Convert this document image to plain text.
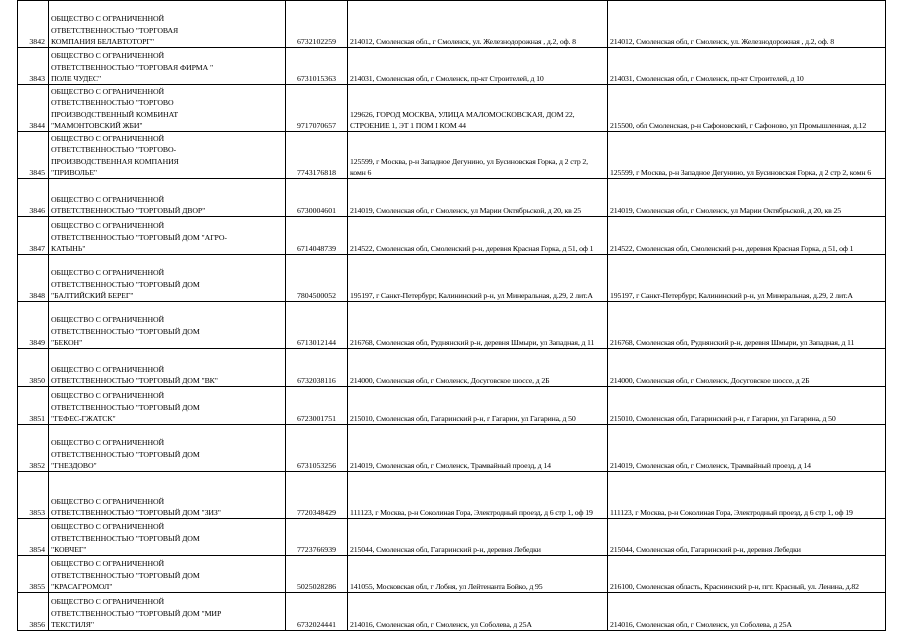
3842	ОБЩЕСТВО С ОГРАНИЧЕННОЙ
ОТВЕТСТВЕННОСТЬЮ "ТОРГОВАЯ
КОМПАНИЯ БЕЛАВТОТОРГ"	6732102259	214012, Смоленская обл., г Смоленск, ул. Железнодорожная , д.2, оф. 8	214012, Смоленская обл, г Смоленск, ул. Железнодорожная , д.2, оф. 8
3843	ОБЩЕСТВО С ОГРАНИЧЕННОЙ
ОТВЕТСТВЕННОСТЬЮ "ТОРГОВАЯ ФИРМА "
ПОЛЕ ЧУДЕС"	6731015363	214031, Смоленская обл, г Смоленск, пр-кт Строителей, д 10	214031, Смоленская обл, г Смоленск, пр-кт Строителей, д 10
3844	ОБЩЕСТВО С ОГРАНИЧЕННОЙ
ОТВЕТСТВЕННОСТЬЮ "ТОРГОВО
ПРОИЗВОДСТВЕННЫЙ КОМБИНАТ
"МАМОНТОВСКИЙ ЖБИ"	9717070657	129626, ГОРОД МОСКВА, УЛИЦА МАЛОМОСКОВСКАЯ, ДОМ 22, СТРОЕНИЕ 1, ЭТ 1 ПОМ I КОМ 44	215500, обл Смоленская, р-н Сафоновский, г Сафоново, ул Промышленная, д.12
3845	ОБЩЕСТВО С ОГРАНИЧЕННОЙ
ОТВЕТСТВЕННОСТЬЮ "ТОРГОВО-
ПРОИЗВОДСТВЕННАЯ КОМПАНИЯ
"ПРИВОЛЬЕ"	7743176818	125599, г Москва, р-н Западное Дегунино, ул Бусиновская Горка, д 2 стр 2, комн 6	125599, г Москва, р-н Западное Дегунино, ул Бусиновская Горка, д 2 стр 2, комн 6
3846	ОБЩЕСТВО С ОГРАНИЧЕННОЙ
ОТВЕТСТВЕННОСТЬЮ "ТОРГОВЫЙ ДВОР"	6730004601	214019, Смоленская обл, г Смоленск, ул Марии Октябрьской, д 20, кв 25	214019, Смоленская обл, г Смоленск, ул Марии Октябрьской, д 20, кв 25
3847	ОБЩЕСТВО С ОГРАНИЧЕННОЙ
ОТВЕТСТВЕННОСТЬЮ "ТОРГОВЫЙ ДОМ "АГРО-
КАТЫНЬ"	6714048739	214522, Смоленская обл, Смоленский р-н, деревня Красная Горка, д 51, оф 1	214522, Смоленская обл, Смоленский р-н, деревня Красная Горка, д 51, оф 1
3848	ОБЩЕСТВО С ОГРАНИЧЕННОЙ
ОТВЕТСТВЕННОСТЬЮ "ТОРГОВЫЙ ДОМ
"БАЛТИЙСКИЙ БЕРЕГ"	7804500052	195197, г Санкт-Петербург, Калининский р-н, ул Минеральная, д.29, 2 лит.А	195197, г Санкт-Петербург, Калининский р-н, ул Минеральная, д.29, 2 лит.А
3849	ОБЩЕСТВО С ОГРАНИЧЕННОЙ
ОТВЕТСТВЕННОСТЬЮ "ТОРГОВЫЙ ДОМ
"БЕКОН"	6713012144	216768, Смоленская обл, Руднянский р-н, деревня Шмыри, ул Западная, д 11	216768, Смоленская обл, Руднянский р-н, деревня Шмыри, ул Западная, д 11
3850	ОБЩЕСТВО С ОГРАНИЧЕННОЙ
ОТВЕТСТВЕННОСТЬЮ "ТОРГОВЫЙ ДОМ "ВК"	6732038116	214000, Смоленская обл, г Смоленск, Досуговское шоссе, д 2Б	214000, Смоленская обл, г Смоленск, Досуговское шоссе, д 2Б
3851	ОБЩЕСТВО С ОГРАНИЧЕННОЙ
ОТВЕТСТВЕННОСТЬЮ "ТОРГОВЫЙ ДОМ
"ГЕФЕС-ГЖАТСК"	6723001751	215010, Смоленская обл, Гагаринский р-н, г Гагарин, ул Гагарина, д 50	215010, Смоленская обл, Гагаринский р-н, г Гагарин, ул Гагарина, д 50
3852	ОБЩЕСТВО С ОГРАНИЧЕННОЙ
ОТВЕТСТВЕННОСТЬЮ "ТОРГОВЫЙ ДОМ
"ГНЕЗДОВО"	6731053256	214019, Смоленская обл, г Смоленск, Трамвайный проезд, д 14	214019, Смоленская обл, г Смоленск, Трамвайный проезд, д 14
3853	ОБЩЕСТВО С ОГРАНИЧЕННОЙ
ОТВЕТСТВЕННОСТЬЮ "ТОРГОВЫЙ ДОМ "ЗИЗ"	7720348429	111123, г Москва, р-н Соколиная Гора, Электродный проезд, д 6 стр 1, оф 19	111123, г Москва, р-н Соколиная Гора, Электродный проезд, д 6 стр 1, оф 19
3854	ОБЩЕСТВО С ОГРАНИЧЕННОЙ
ОТВЕТСТВЕННОСТЬЮ "ТОРГОВЫЙ ДОМ
"КОВЧЕГ"	7723766939	215044, Смоленская обл, Гагаринский р-н, деревня Лебедки	215044, Смоленская обл, Гагаринский р-н, деревня Лебедки
3855	ОБЩЕСТВО С ОГРАНИЧЕННОЙ
ОТВЕТСТВЕННОСТЬЮ "ТОРГОВЫЙ ДОМ
"КРАСАГРОМОЛ"	5025028286	141055, Московская обл, г Лобня, ул Лейтенанта Бойко, д 95	216100, Смоленская область, Краснинский р-н, пгт. Красный, ул. Ленина, д.82
3856	ОБЩЕСТВО С ОГРАНИЧЕННОЙ
ОТВЕТСТВЕННОСТЬЮ "ТОРГОВЫЙ ДОМ "МИР
ТЕКСТИЛЯ"	6732024441	214016, Смоленская обл, г Смоленск, ул Соболева, д 25А	214016, Смоленская обл, г Смоленск, ул Соболева, д 25А
